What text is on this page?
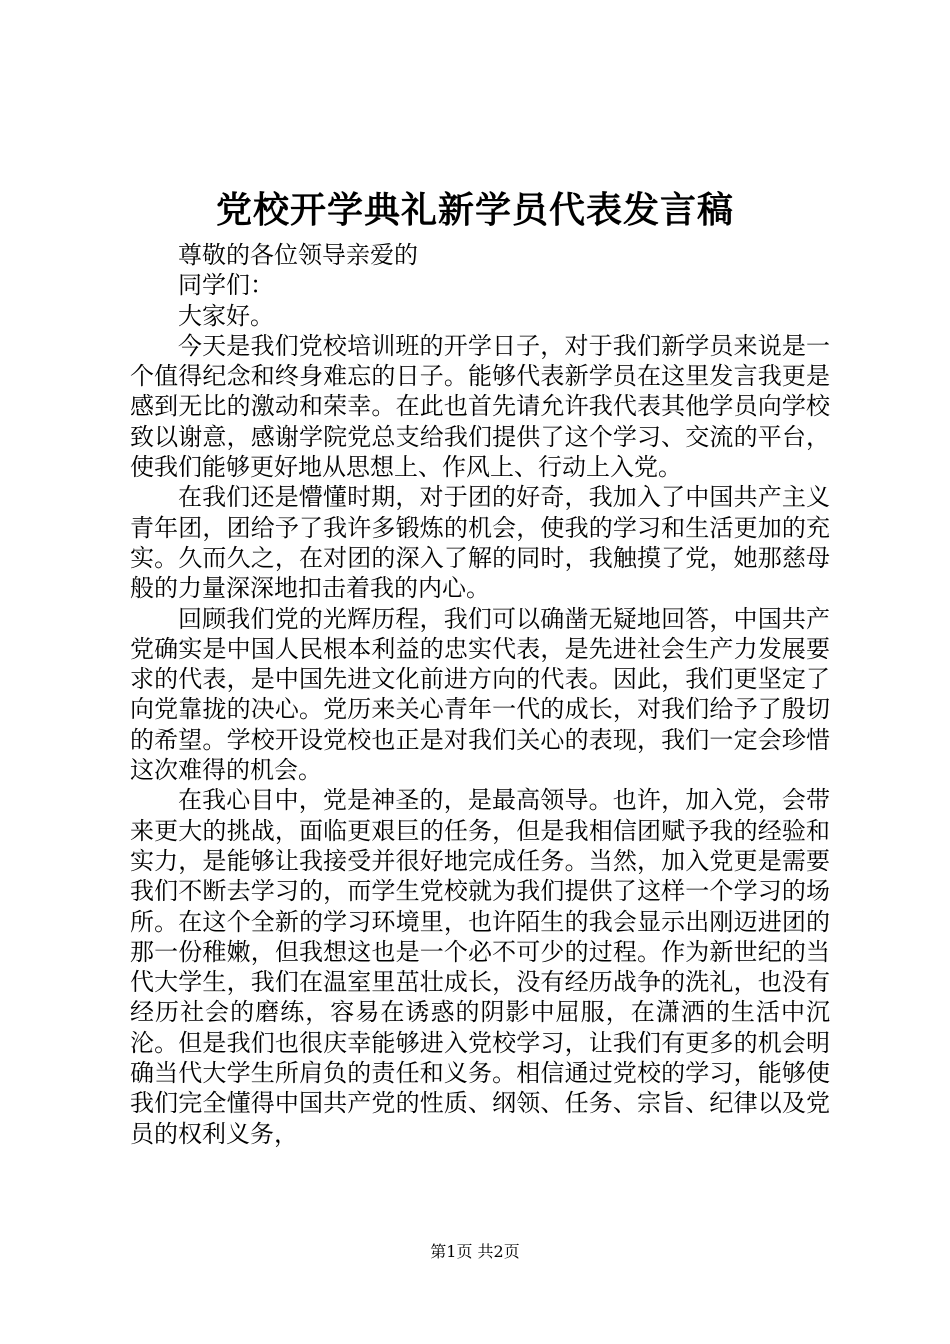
党校开学典礼新学员代表发言稿
尊敬的各位领导亲爱的
同学们：
大家好。

今天是我们党校培训班的开学日子，对于我们新学员来说是一个值得纪念和终身难忘的日子。能够代表新学员在这里发言我更是感到无比的激动和荣幸。在此也首先请允许我代表其他学员向学校致以谢意，感谢学院党总支给我们提供了这个学习、交流的平台，使我们能够更好地从思想上、作风上、行动上入党。

在我们还是懵懂时期，对于团的好奇，我加入了中国共产主义青年团，团给予了我许多锻炼的机会，使我的学习和生活更加的充实。久而久之，在对团的深入了解的同时，我触摸了党，她那慈母般的力量深深地扣击着我的内心。

回顾我们党的光辉历程，我们可以确凿无疑地回答，中国共产党确实是中国人民根本利益的忠实代表，是先进社会生产力发展要求的代表，是中国先进文化前进方向的代表。因此，我们更坚定了向党靠拢的决心。党历来关心青年一代的成长，对我们给予了殷切的希望。学校开设党校也正是对我们关心的表现，我们一定会珍惜这次难得的机会。

在我心目中，党是神圣的，是最高领导。也许，加入党，会带来更大的挑战，面临更艰巨的任务，但是我相信团赋予我的经验和实力，是能够让我接受并很好地完成任务。当然，加入党更是需要我们不断去学习的，而学生党校就为我们提供了这样一个学习的场所。在这个全新的学习环境里，也许陌生的我会显示出刚迈进团的那一份稚嫩，但我想这也是一个必不可少的过程。作为新世纪的当代大学生，我们在温室里茁壮成长，没有经历战争的洗礼，也没有经历社会的磨练，容易在诱惑的阴影中屈服，在潇洒的生活中沉沦。但是我们也很庆幸能够进入党校学习，让我们有更多的机会明确当代大学生所肩负的责任和义务。相信通过党校的学习，能够使我们完全懂得中国共产党的性质、纲领、任务、宗旨、纪律以及党员的权利义务，

第1页 共2页
